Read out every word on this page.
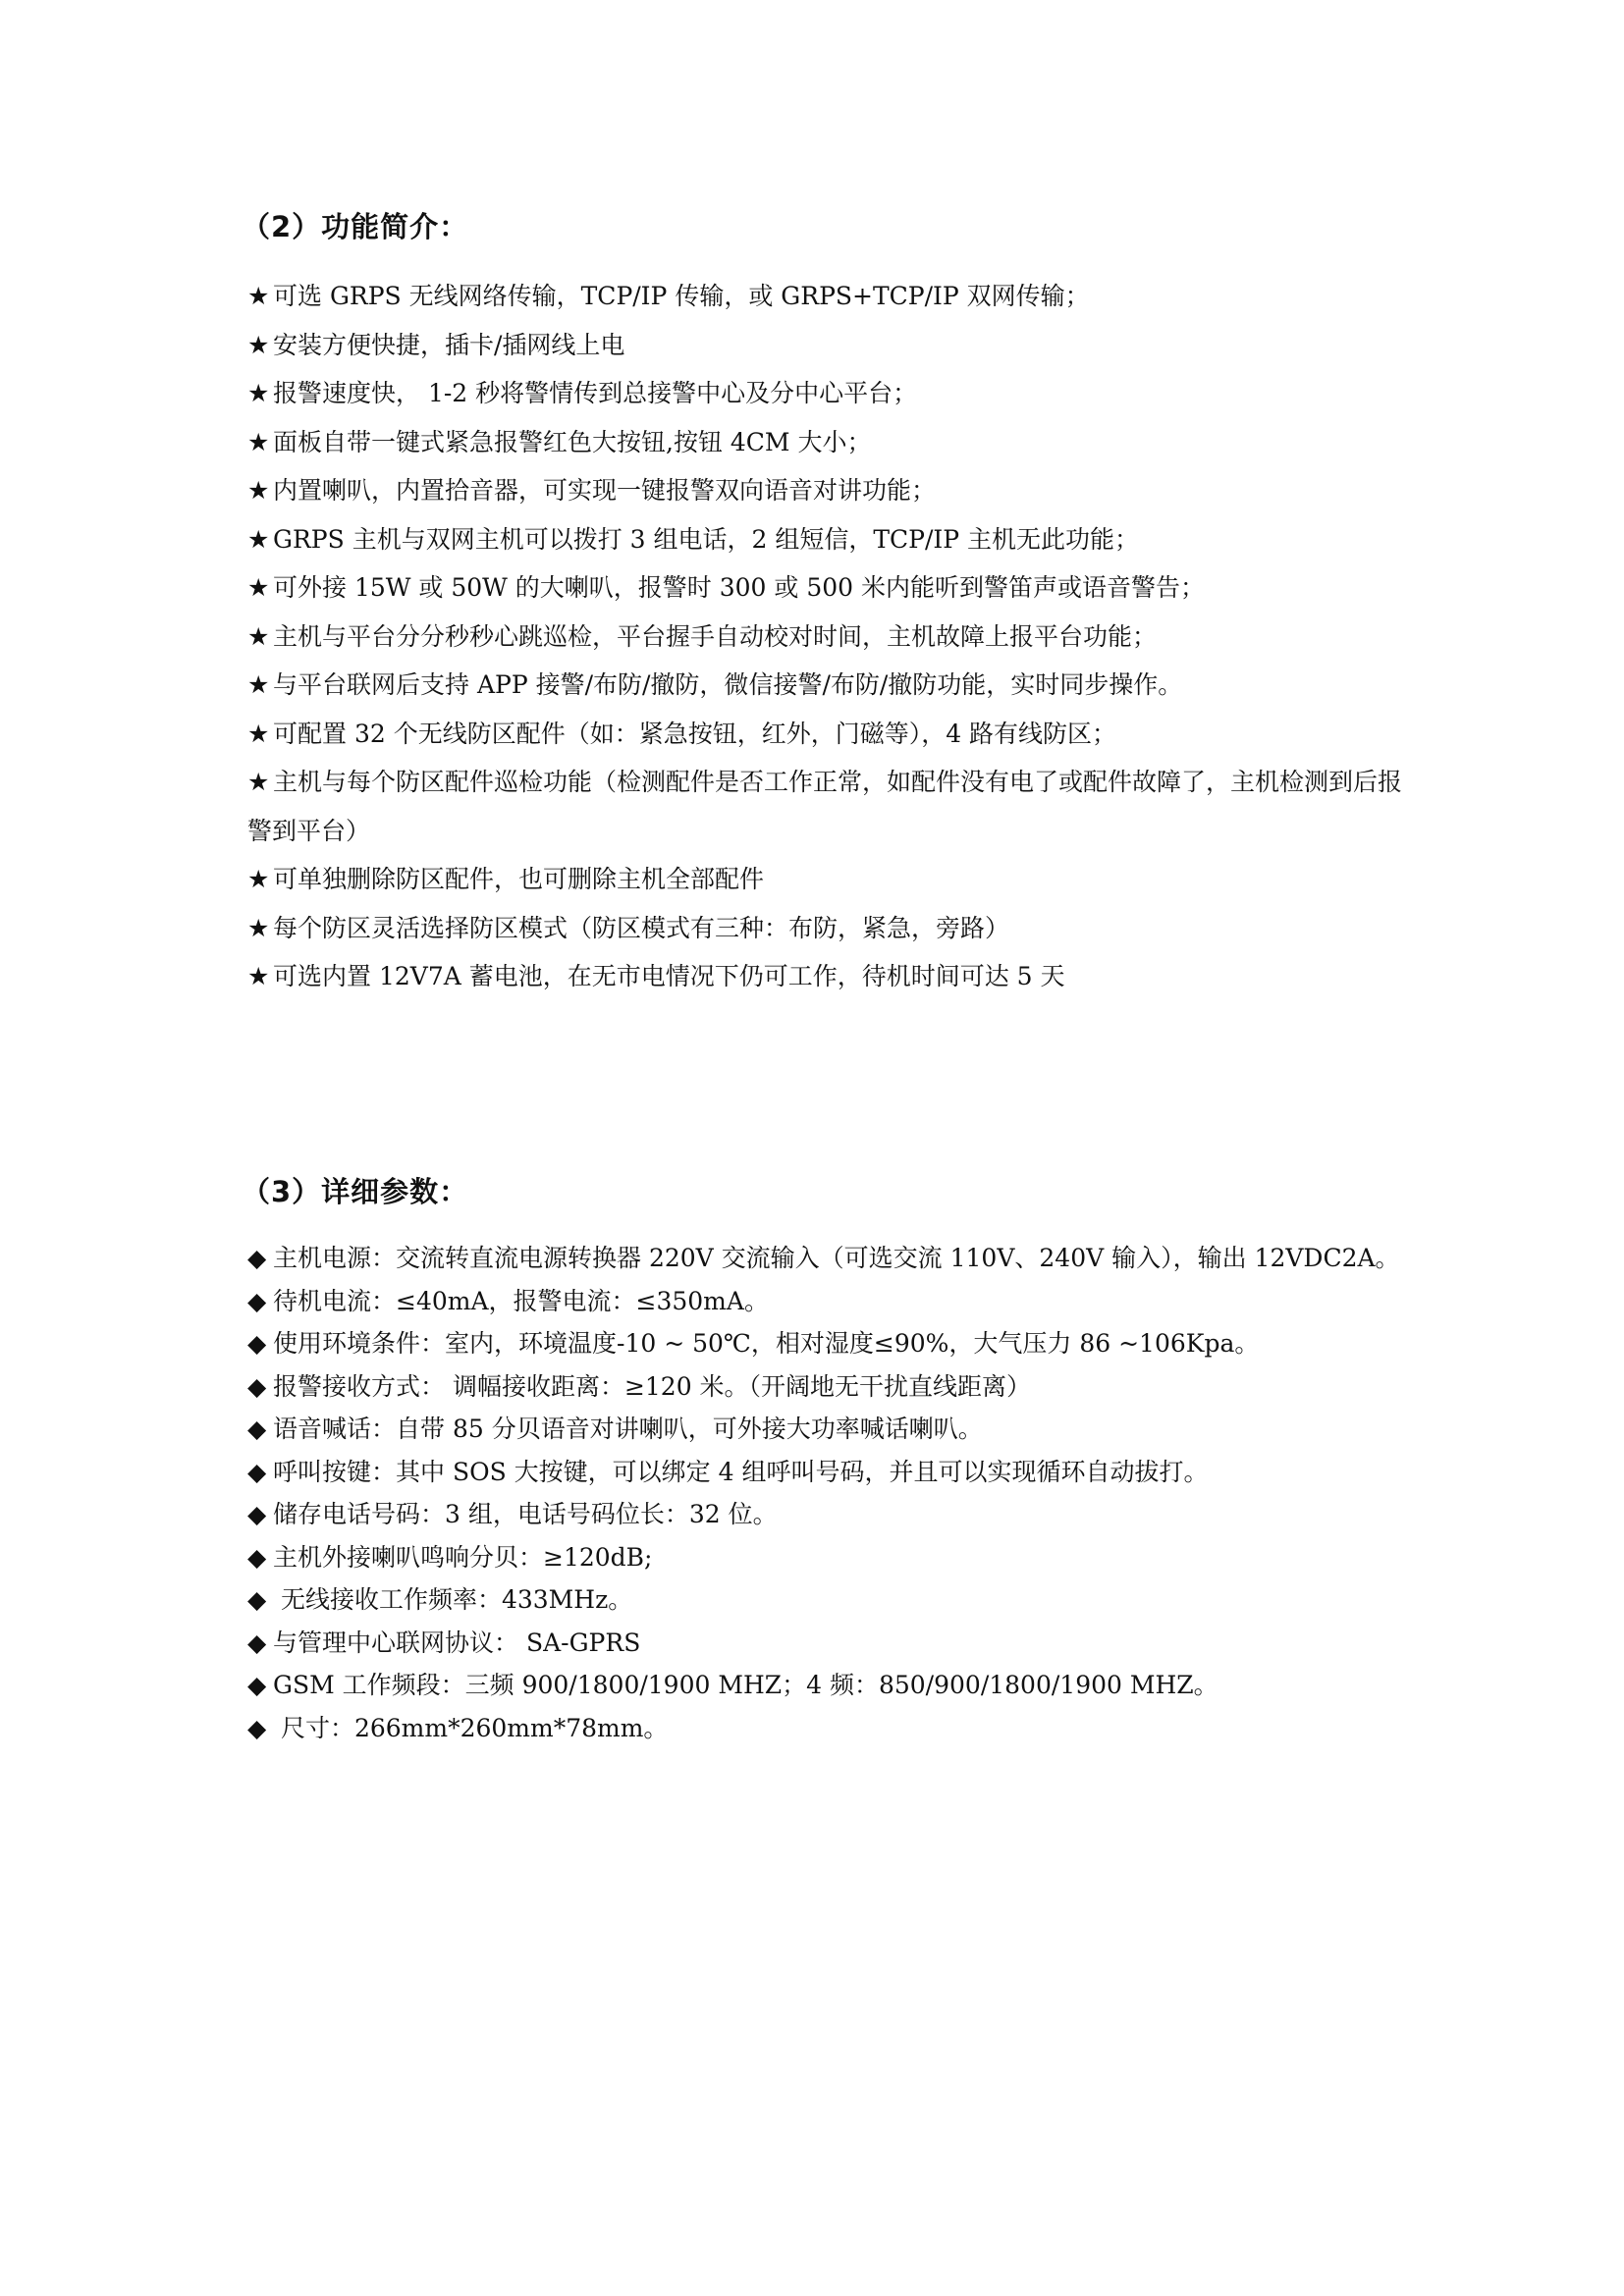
（2）功能简介：
★ 可选 GRPS 无线网络传输，TCP/IP 传输，或 GRPS+TCP/IP 双网传输；
★ 安装方便快捷，插卡/插网线上电
★ 报警速度快， 1-2 秒将警情传到总接警中心及分中心平台；
★ 面板自带一键式紧急报警红色大按钮,按钮 4CM 大小；
★ 内置喇叭，内置拾音器，可实现一键报警双向语音对讲功能；
★ GRPS 主机与双网主机可以拨打 3 组电话，2 组短信，TCP/IP 主机无此功能；
★ 可外接 15W 或 50W 的大喇叭，报警时 300 或 500 米内能听到警笛声或语音警告；
★ 主机与平台分分秒秒心跳巡检，平台握手自动校对时间，主机故障上报平台功能；
★ 与平台联网后支持 APP 接警/布防/撤防，微信接警/布防/撤防功能，实时同步操作。
★ 可配置 32 个无线防区配件（如：紧急按钮，红外，门磁等），4 路有线防区；
★ 主机与每个防区配件巡检功能（检测配件是否工作正常，如配件没有电了或配件故障了，主机检测到后报警到平台）
★ 可单独删除防区配件，也可删除主机全部配件
★ 每个防区灵活选择防区模式（防区模式有三种：布防，紧急，旁路）
★ 可选内置 12V7A 蓄电池，在无市电情况下仍可工作，待机时间可达 5 天
（3）详细参数：
◆ 主机电源：交流转直流电源转换器 220V 交流输入（可选交流 110V、240V 输入），输出 12VDC2A。
◆ 待机电流：≤40mA，报警电流：≤350mA。
◆ 使用环境条件：室内，环境温度-10 ~ 50℃，相对湿度≤90%，大气压力 86 ~106Kpa。
◆ 报警接收方式： 调幅接收距离：≥120 米。（开阔地无干扰直线距离）
◆ 语音喊话：自带 85 分贝语音对讲喇叭，可外接大功率喊话喇叭。
◆ 呼叫按键：其中 SOS 大按键，可以绑定 4 组呼叫号码，并且可以实现循环自动拔打。
◆ 储存电话号码：3 组，电话号码位长：32 位。
◆ 主机外接喇叭鸣响分贝：≥120dB;
◆ 无线接收工作频率：433MHz。
◆ 与管理中心联网协议： SA-GPRS
◆ GSM 工作频段：三频 900/1800/1900 MHZ；4 频：850/900/1800/1900 MHZ。
◆ 尺寸：266mm*260mm*78mm。
